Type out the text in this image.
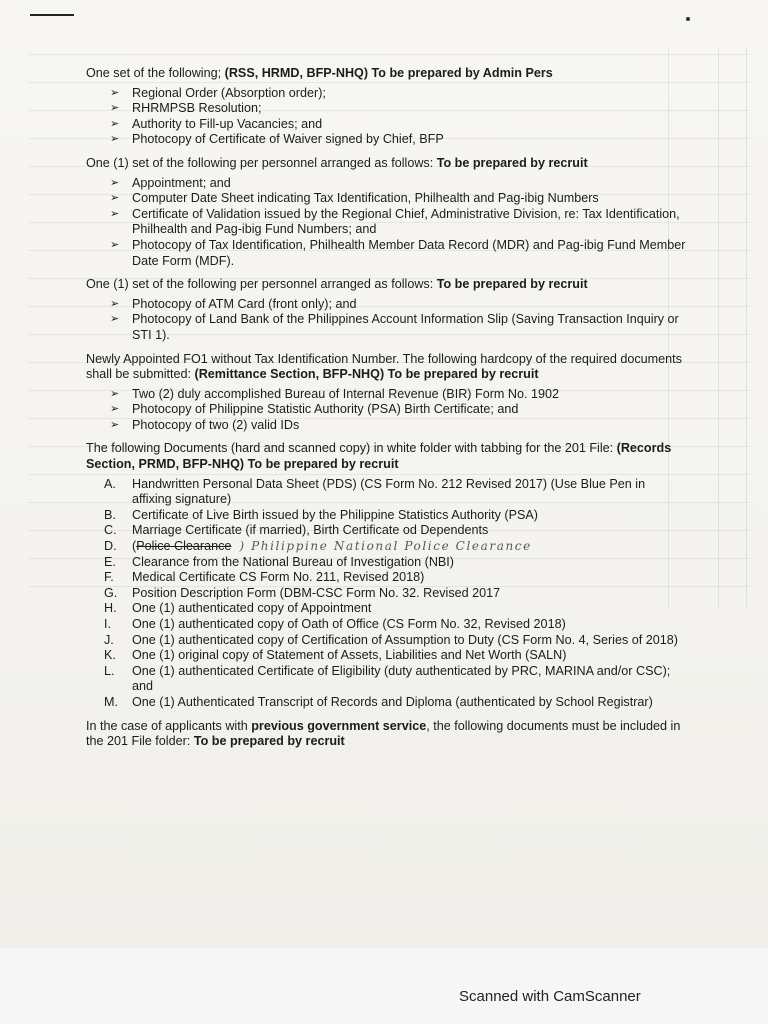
One set of the following; (RSS, HRMD, BFP-NHQ) To be prepared by Admin Pers

➢ Regional Order (Absorption order);
➢ RHRMPSB Resolution;
➢ Authority to Fill-up Vacancies; and
➢ Photocopy of Certificate of Waiver signed by Chief, BFP

One (1) set of the following per personnel arranged as follows: To be prepared by recruit

➢ Appointment; and
➢ Computer Date Sheet indicating Tax Identification, Philhealth and Pag-ibig Numbers
➢ Certificate of Validation issued by the Regional Chief, Administrative Division, re: Tax Identification, Philhealth and Pag-ibig Fund Numbers; and
➢ Photocopy of Tax Identification, Philhealth Member Data Record (MDR) and Pag-ibig Fund Member Date Form (MDF).

One (1) set of the following per personnel arranged as follows: To be prepared by recruit

➢ Photocopy of ATM Card (front only); and
➢ Photocopy of Land Bank of the Philippines Account Information Slip (Saving Transaction Inquiry or STI 1).

Newly Appointed FO1 without Tax Identification Number. The following hardcopy of the required documents shall be submitted: (Remittance Section, BFP-NHQ) To be prepared by recruit

➢ Two (2) duly accomplished Bureau of Internal Revenue (BIR) Form No. 1902
➢ Photocopy of Philippine Statistic Authority (PSA) Birth Certificate; and
➢ Photocopy of two (2) valid IDs

The following Documents (hard and scanned copy) in white folder with tabbing for the 201 File: (Records Section, PRMD, BFP-NHQ) To be prepared by recruit

A. Handwritten Personal Data Sheet (PDS) (CS Form No. 212 Revised 2017) (Use Blue Pen in affixing signature)
B. Certificate of Live Birth issued by the Philippine Statistics Authority (PSA)
C. Marriage Certificate (if married), Birth Certificate od Dependents
D. (Police Clearance ) Philippine National Police Clearance
E. Clearance from the National Bureau of Investigation (NBI)
F. Medical Certificate CS Form No. 211, Revised 2018)
G. Position Description Form (DBM-CSC Form No. 32. Revised 2017
H. One (1) authenticated copy of Appointment
I. One (1) authenticated copy of Oath of Office (CS Form No. 32, Revised 2018)
J. One (1) authenticated copy of Certification of Assumption to Duty (CS Form No. 4, Series of 2018)
K. One (1) original copy of Statement of Assets, Liabilities and Net Worth (SALN)
L. One (1) authenticated Certificate of Eligibility (duty authenticated by PRC, MARINA and/or CSC); and
M. One (1) Authenticated Transcript of Records and Diploma (authenticated by School Registrar)

In the case of applicants with previous government service, the following documents must be included in the 201 File folder: To be prepared by recruit

Scanned with CamScanner
